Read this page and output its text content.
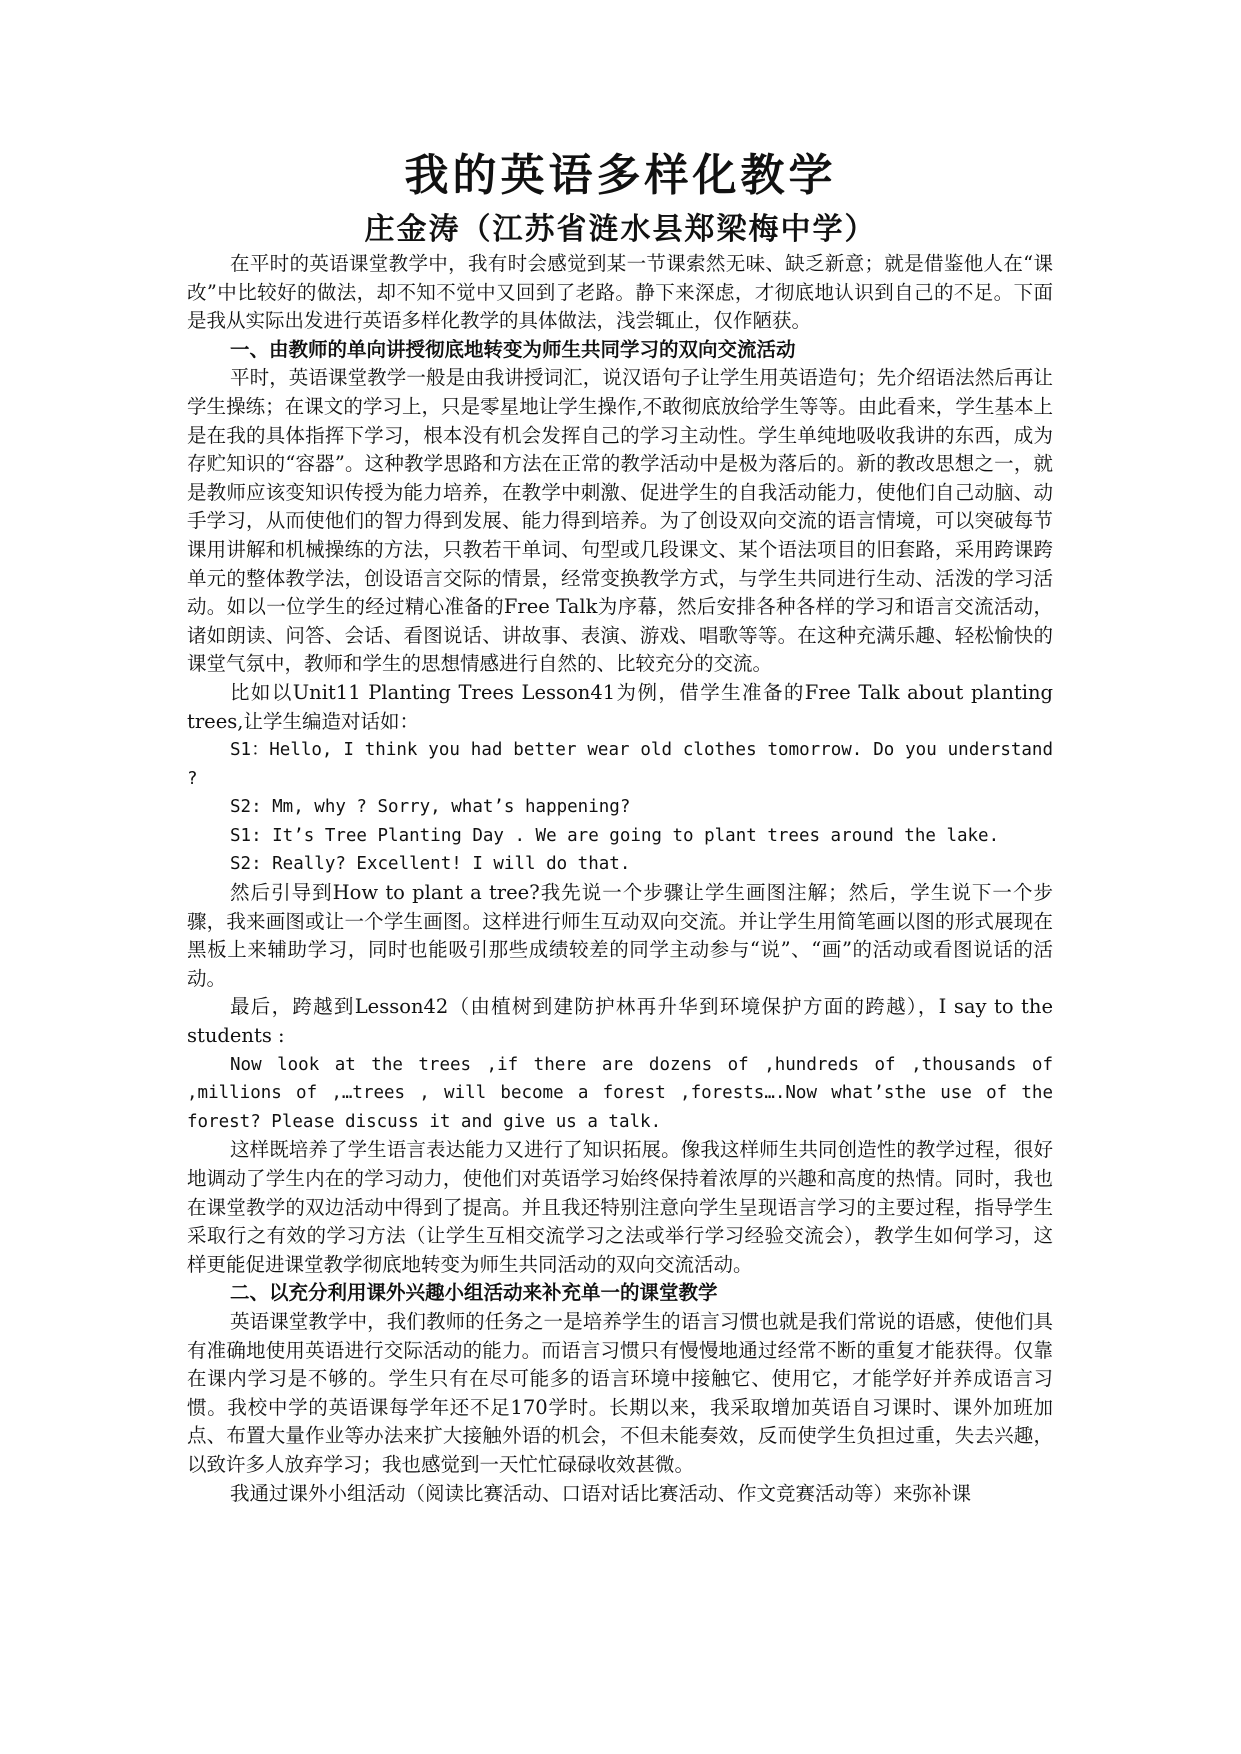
我的英语多样化教学
庄金涛（江苏省涟水县郑梁梅中学）

在平时的英语课堂教学中，我有时会感觉到某一节课索然无味、缺乏新意；就是借鉴他人在“课改”中比较好的做法，却不知不觉中又回到了老路。静下来深虑，才彻底地认识到自己的不足。下面是我从实际出发进行英语多样化教学的具体做法，浅尝辄止，仅作陋获。

一、由教师的单向讲授彻底地转变为师生共同学习的双向交流活动

平时，英语课堂教学一般是由我讲授词汇，说汉语句子让学生用英语造句；先介绍语法然后再让学生操练；在课文的学习上，只是零星地让学生操作,不敢彻底放给学生等等。由此看来，学生基本上是在我的具体指挥下学习，根本没有机会发挥自己的学习主动性。学生单纯地吸收我讲的东西，成为存贮知识的“容器”。这种教学思路和方法在正常的教学活动中是极为落后的。新的教改思想之一，就是教师应该变知识传授为能力培养，在教学中刺激、促进学生的自我活动能力，使他们自己动脑、动手学习，从而使他们的智力得到发展、能力得到培养。为了创设双向交流的语言情境，可以突破每节课用讲解和机械操练的方法，只教若干单词、句型或几段课文、某个语法项目的旧套路，采用跨课跨单元的整体教学法，创设语言交际的情景，经常变换教学方式，与学生共同进行生动、活泼的学习活动。如以一位学生的经过精心准备的Free Talk为序幕，然后安排各种各样的学习和语言交流活动，诸如朗读、问答、会话、看图说话、讲故事、表演、游戏、唱歌等等。在这种充满乐趣、轻松愉快的课堂气氛中，教师和学生的思想情感进行自然的、比较充分的交流。

比如以Unit11 Planting Trees Lesson41为例，借学生准备的Free Talk about planting trees,让学生编造对话如：

S1：Hello, I think you had better wear old clothes tomorrow. Do you understand ?

S2: Mm, why ? Sorry, what’s happening?

S1: It’s Tree Planting Day . We are going to plant trees around the lake.

S2: Really? Excellent! I will do that.

然后引导到How to plant a tree?我先说一个步骤让学生画图注解；然后，学生说下一个步骤，我来画图或让一个学生画图。这样进行师生互动双向交流。并让学生用简笔画以图的形式展现在黑板上来辅助学习，同时也能吸引那些成绩较差的同学主动参与“说”、“画”的活动或看图说话的活动。

最后，跨越到Lesson42（由植树到建防护林再升华到环境保护方面的跨越），I say to the students :

Now look at the trees ,if there are dozens of ,hundreds of ,thousands of ,millions of ,…trees , will become a forest ,forests….Now what’sthe use of the forest? Please discuss it and give us a talk.

这样既培养了学生语言表达能力又进行了知识拓展。像我这样师生共同创造性的教学过程，很好地调动了学生内在的学习动力，使他们对英语学习始终保持着浓厚的兴趣和高度的热情。同时，我也在课堂教学的双边活动中得到了提高。并且我还特别注意向学生呈现语言学习的主要过程，指导学生采取行之有效的学习方法（让学生互相交流学习之法或举行学习经验交流会），教学生如何学习，这样更能促进课堂教学彻底地转变为师生共同活动的双向交流活动。

二、以充分利用课外兴趣小组活动来补充单一的课堂教学

英语课堂教学中，我们教师的任务之一是培养学生的语言习惯也就是我们常说的语感，使他们具有准确地使用英语进行交际活动的能力。而语言习惯只有慢慢地通过经常不断的重复才能获得。仅靠在课内学习是不够的。学生只有在尽可能多的语言环境中接触它、使用它，才能学好并养成语言习惯。我校中学的英语课每学年还不足170学时。长期以来，我采取增加英语自习课时、课外加班加点、布置大量作业等办法来扩大接触外语的机会，不但未能奏效，反而使学生负担过重，失去兴趣，以致许多人放弃学习；我也感觉到一天忙忙碌碌收效甚微。

我通过课外小组活动（阅读比赛活动、口语对话比赛活动、作文竞赛活动等）来弥补课
